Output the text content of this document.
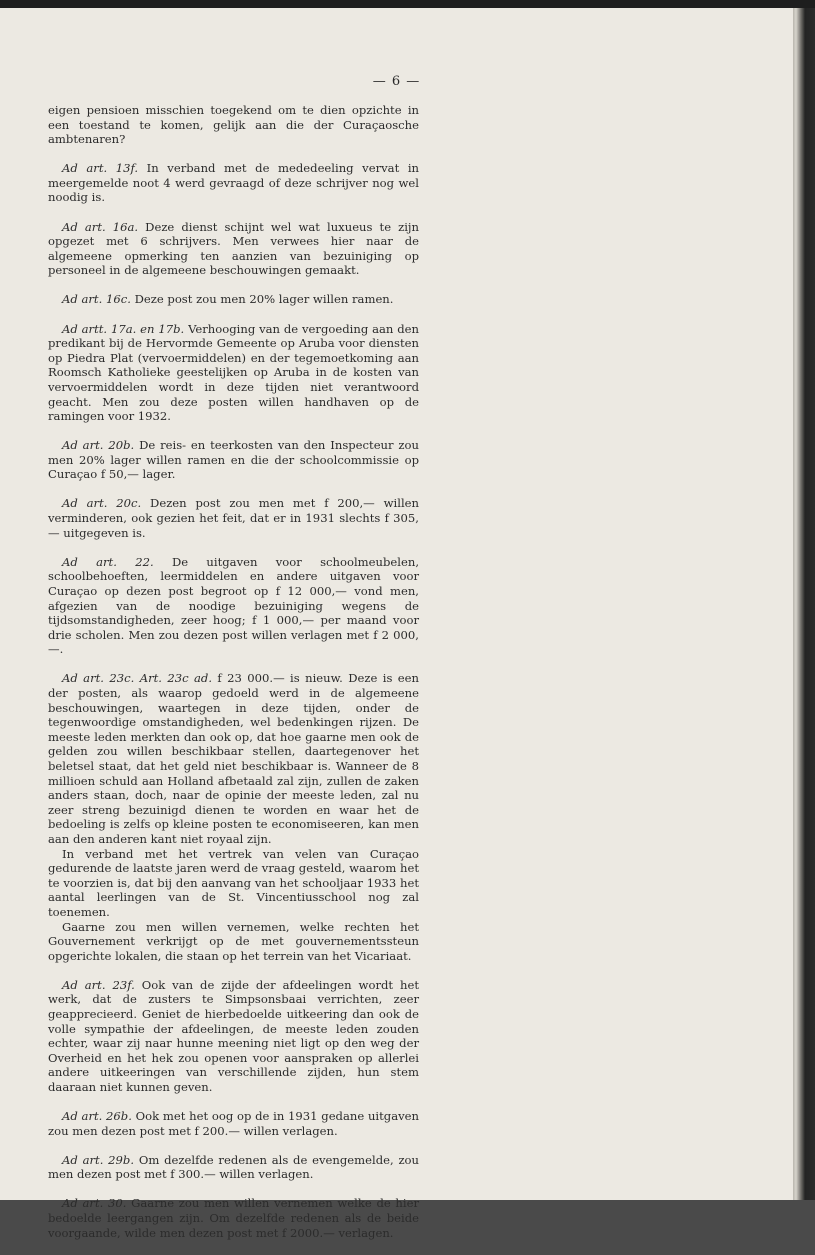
— 6 —

eigen pensioen misschien toegekend om te dien opzichte in een toestand te komen, gelijk aan die der Curaçaosche ambtenaren?

Ad art. 13f. In verband met de mededeeling vervat in meergemelde noot 4 werd gevraagd of deze schrijver nog wel noodig is.

Ad art. 16a. Deze dienst schijnt wel wat luxueus te zijn opgezet met 6 schrijvers. Men verwees hier naar de algemeene opmerking ten aanzien van bezuiniging op personeel in de algemeene beschouwingen gemaakt.

Ad art. 16c. Deze post zou men 20% lager willen ramen.

Ad artt. 17a. en 17b. Verhooging van de vergoeding aan den predikant bij de Hervormde Gemeente op Aruba voor diensten op Piedra Plat (vervoermiddelen) en der tegemoetkoming aan Roomsch Katholieke geestelijken op Aruba in de kosten van vervoermiddelen wordt in deze tijden niet verantwoord geacht. Men zou deze posten willen handhaven op de ramingen voor 1932.

Ad art. 20b. De reis- en teerkosten van den Inspecteur zou men 20% lager willen ramen en die der schoolcommissie op Curaçao f 50,— lager.

Ad art. 20c. Dezen post zou men met f 200,— willen verminderen, ook gezien het feit, dat er in 1931 slechts f 305,— uitgegeven is.

Ad art. 22. De uitgaven voor schoolmeubelen, schoolbehoeften, leermiddelen en andere uitgaven voor Curaçao op dezen post begroot op f 12 000,— vond men, afgezien van de noodige bezuiniging wegens de tijdsomstandigheden, zeer hoog; f 1 000,— per maand voor drie scholen. Men zou dezen post willen verlagen met f 2 000,—.

Ad art. 23c. Art. 23c ad. f 23 000.— is nieuw. Deze is een der posten, als waarop gedoeld werd in de algemeene beschouwingen, waartegen in deze tijden, onder de tegenwoordige omstandigheden, wel bedenkingen rijzen. De meeste leden merkten dan ook op, dat hoe gaarne men ook de gelden zou willen beschikbaar stellen, daartegenover het beletsel staat, dat het geld niet beschikbaar is. Wanneer de 8 millioen schuld aan Holland afbetaald zal zijn, zullen de zaken anders staan, doch, naar de opinie der meeste leden, zal nu zeer streng bezuinigd dienen te worden en waar het de bedoeling is zelfs op kleine posten te economiseeren, kan men aan den anderen kant niet royaal zijn.

In verband met het vertrek van velen van Curaçao gedurende de laatste jaren werd de vraag gesteld, waarom het te voorzien is, dat bij den aanvang van het schooljaar 1933 het aantal leerlingen van de St. Vincentiusschool nog zal toenemen.

Gaarne zou men willen vernemen, welke rechten het Gouvernement verkrijgt op de met gouvernementssteun opgerichte lokalen, die staan op het terrein van het Vicariaat.

Ad art. 23f. Ook van de zijde der afdeelingen wordt het werk, dat de zusters te Simpsonsbaai verrichten, zeer geapprecieerd. Geniet de hierbedoelde uitkeering dan ook de volle sympathie der afdeelingen, de meeste leden zouden echter, waar zij naar hunne meening niet ligt op den weg der Overheid en het hek zou openen voor aanspraken op allerlei andere uitkeeringen van verschillende zijden, hun stem daaraan niet kunnen geven.

Ad art. 26b. Ook met het oog op de in 1931 gedane uitgaven zou men dezen post met f 200.— willen verlagen.

Ad art. 29b. Om dezelfde redenen als de evengemelde, zou men dezen post met f 300.— willen verlagen.

Ad art. 30. Gaarne zou men willen vernemen welke de hier bedoelde leergangen zijn. Om dezelfde redenen als de beide voorgaande, wilde men dezen post met f 2000.— verlagen.
